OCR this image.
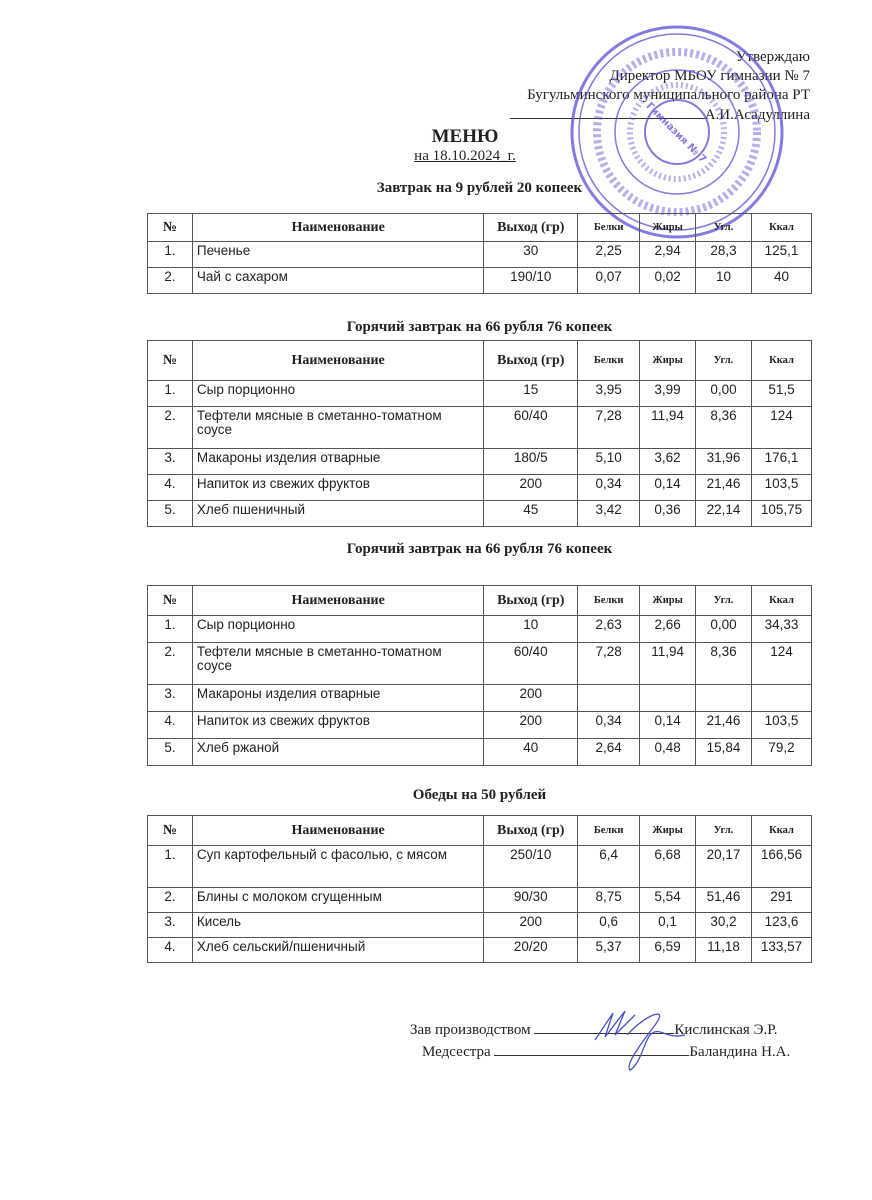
Утверждаю
Директор МБОУ гимназии № 7
Бугульминского муниципального района РТ
А.И.Асадуллина
Гимназия № 7
МЕНЮ
на 18.10.2024_г.
Завтрак на 9 рублей 20 копеек
№	Наименование	Выход (гр)	Белки	Жиры	Угл.	Ккал
1.	Печенье	30	2,25	2,94	28,3	125,1
2.	Чай с сахаром	190/10	0,07	0,02	10	40
Горячий завтрак на 66 рубля 76 копеек
№	Наименование	Выход (гр)	Белки	Жиры	Угл.	Ккал
1.	Сыр порционно	15	3,95	3,99	0,00	51,5
2.	Тефтели мясные в сметанно-томатном соусе	60/40	7,28	11,94	8,36	124
3.	Макароны изделия отварные	180/5	5,10	3,62	31,96	176,1
4.	Напиток из свежих фруктов	200	0,34	0,14	21,46	103,5
5.	Хлеб пшеничный	45	3,42	0,36	22,14	105,75
Горячий завтрак на 66 рубля 76 копеек
№	Наименование	Выход (гр)	Белки	Жиры	Угл.	Ккал
1.	Сыр порционно	10	2,63	2,66	0,00	34,33
2.	Тефтели мясные в сметанно-томатном соусе	60/40	7,28	11,94	8,36	124
3.	Макароны изделия отварные	200				
4.	Напиток из свежих фруктов	200	0,34	0,14	21,46	103,5
5.	Хлеб ржаной	40	2,64	0,48	15,84	79,2
Обеды на 50 рублей
№	Наименование	Выход (гр)	Белки	Жиры	Угл.	Ккал
1.	Суп картофельный с фасолью, с мясом	250/10	6,4	6,68	20,17	166,56
2.	Блины с молоком сгущенным	90/30	8,75	5,54	51,46	291
3.	Кисель	200	0,6	0,1	30,2	123,6
4.	Хлеб сельский/пшеничный	20/20	5,37	6,59	11,18	133,57
Зав производством	Кислинская Э.Р.
Медсестра	Баландина Н.А.
